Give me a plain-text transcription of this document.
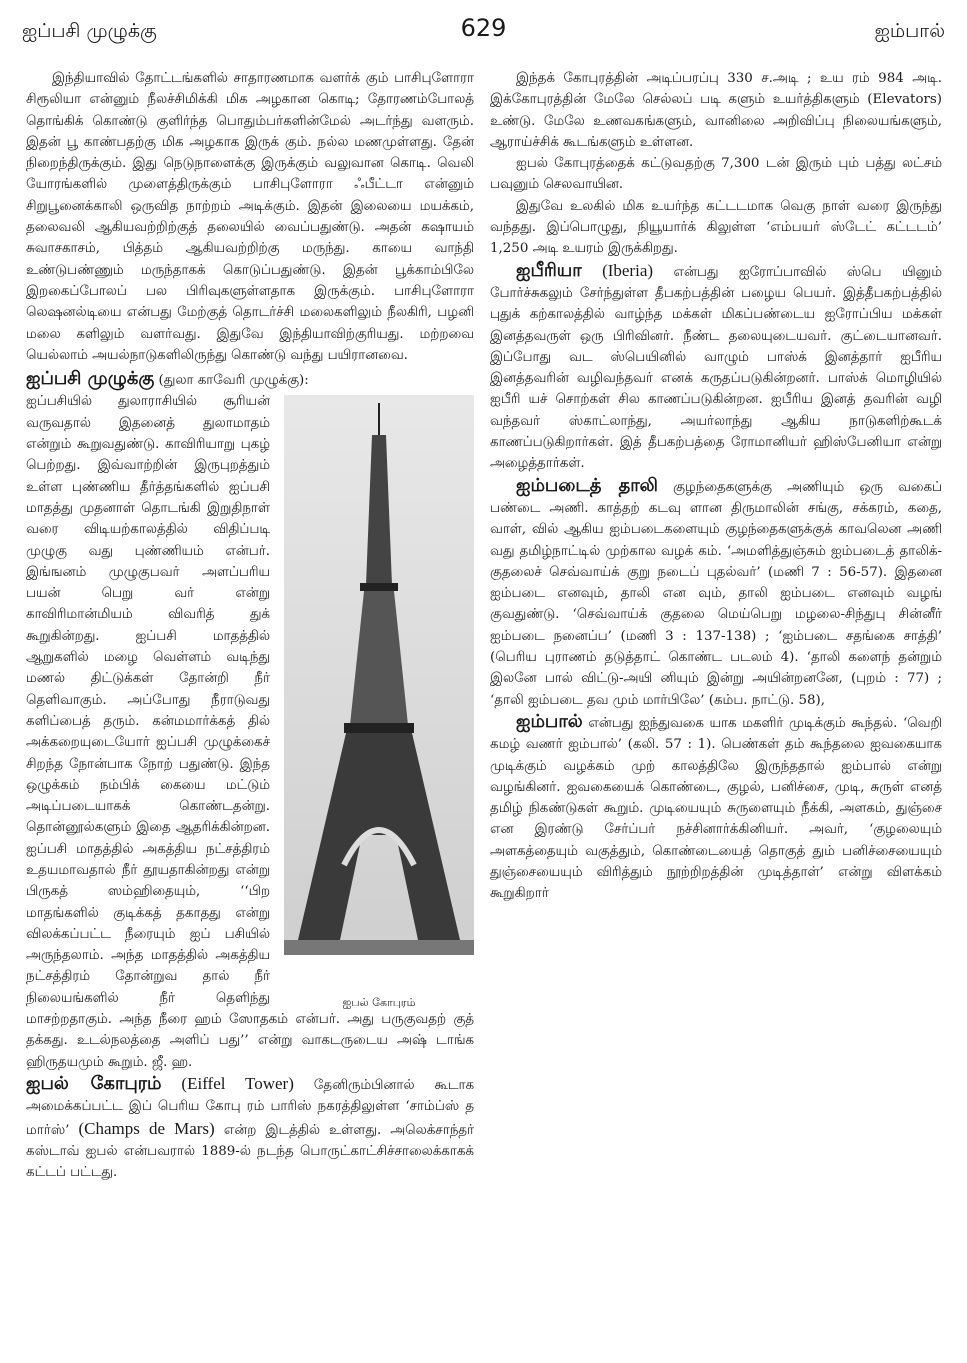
ஐப்பசி முழுக்கு	629	ஐம்பால்

இந்தியாவில் தோட்டங்களில் சாதாரணமாக வளர்க் கும் பாசிபுளோரா சிரூலியா என்னும் நீலச்சிமிக்கி மிக அழகான கொடி; தோரணம்போலத் தொங்கிக் கொண்டு குளிர்ந்த பொதும்பர்களின்மேல் அடர்ந்து வளரும். இதன் பூ காண்பதற்கு மிக அழகாக இருக் கும். நல்ல மணமுள்ளது. தேன் நிறைந்திருக்கும். இது நெடுநாளைக்கு இருக்கும் வலுவான கொடி. வெலி யோரங்களில் முளைத்திருக்கும் பாசிபுளோரா ஃபீட்டா என்னும் சிறுபூனைக்காலி ஒருவித நாற்றம் அடிக்கும். இதன் இலையை மயக்கம், தலைவலி ஆகியவற்றிற்குத் தலையில் வைப்பதுண்டு. அதன் கஷாயம் சுவாசகாசம், பித்தம் ஆகியவற்றிற்கு மருந்து. காயை வாந்தி உண்டுபண்ணும் மருந்தாகக் கொடுப்பதுண்டு. இதன் பூக்காம்பிலே இறகைப்போலப் பல பிரிவுகளுள்ளதாக இருக்கும். பாசிபுளோரா லெஷனல்டியை என்பது மேற்குத் தொடர்ச்சி மலைகளிலும் நீலகிரி, பழனி மலை களிலும் வளர்வது. இதுவே இந்தியாவிற்குரியது. மற்றவை யெல்லாம் அயல்நாடுகளிலிருந்து கொண்டு வந்து பயிரானவை.

ஐப்பசி முழுக்கு (துலா காவேரி முழுக்கு):

ஐபல் கோபுரம்

ஐப்பசியில் துலாராசியில் சூரியன் வருவதால் இதனைத் துலாமாதம் என்றும் கூறுவதுண்டு. காவிரியாறு புகழ் பெற்றது. இவ்வாற்றின் இருபுறத்தும் உள்ள புண்ணிய தீர்த்தங்களில் ஐப்பசி மாதத்து முதனாள் தொடங்கி இறுதிநாள் வரை விடியற்காலத்தில் விதிப்படி முழுகு வது புண்ணியம் என்பர். இங்ஙனம் முழுகுபவர் அளப்பரிய பயன் பெறு வர் என்று காவிரிமான்மியம் விவரித் துக் கூறுகின்றது. ஐப்பசி மாதத்தில் ஆறுகளில் மழை வெள்ளம் வடிந்து மணல் திட்டுக்கள் தோன்றி நீர் தெளிவாகும். அப்போது நீராடுவது களிப்பைத் தரும். கன்மமார்க்கத் தில் அக்கறையுடையோர் ஐப்பசி முழுக்கைச் சிறந்த நோன்பாக நோற் பதுண்டு. இந்த ஒழுக்கம் நம்பிக் கையை மட்டும் அடிப்படையாகக் கொண்டதன்று. தொன்னூல்களும் இதை ஆதரிக்கின்றன. ஐப்பசி மாதத்தில் அகத்திய நட்சத்திரம் உதயமாவதால் நீர் தூயதாகின்றது என்று பிருகத் ஸம்ஹிதையும், ‘‘பிற மாதங்களில் குடிக்கத் தகாதது என்று விலக்கப்பட்ட நீரையும் ஐப் பசியில் அருந்தலாம். அந்த மாதத்தில் அகத்திய நட்சத்திரம் தோன்றுவ தால் நீர் நிலையங்களில் நீர் தெளிந்து மாசற்றதாகும். அந்த நீரை ஹம் ஸோதகம் என்பர். அது பருகுவதற் குத் தக்கது. உடல்நலத்தை அளிப் பது’’ என்று வாகடருடைய அஷ் டாங்க ஹிருதயமும் கூறும். ஜீ. ஹ.

ஐபல் கோபுரம் (Eiffel Tower) தேனிரும்பினால் கூடாக அமைக்கப்பட்ட இப் பெரிய கோபு ரம் பாரிஸ் நகரத்திலுள்ள ‘சாம்ப்ஸ் த மார்ஸ்’ (Champs de Mars) என்ற இடத்தில் உள்ளது. அலெக்சாந்தர் கஸ்டாவ் ஐபல் என்பவரால் 1889-ல் நடந்த பொருட்காட்சிச்சாலைக்காகக் கட்டப் பட்டது.

இந்தக் கோபுரத்தின் அடிப்பரப்பு 330 ச.அடி ; உய ரம் 984 அடி. இக்கோபுரத்தின் மேலே செல்லப் படி களும் உயர்த்திகளும் (Elevators) உண்டு. மேலே உணவகங்களும், வானிலை அறிவிப்பு நிலையங்களும், ஆராய்ச்சிக் கூடங்களும் உள்ளன.

ஐபல் கோபுரத்தைக் கட்டுவதற்கு 7,300 டன் இரும் பும் பத்து லட்சம் பவுனும் செலவாயின.

இதுவே உலகில் மிக உயர்ந்த கட்டடமாக வெகு நாள் வரை இருந்து வந்தது. இப்பொழுது, நியூயார்க் கிலுள்ள ‘எம்பயர் ஸ்டேட் கட்டடம்’ 1,250 அடி உயரம் இருக்கிறது.

ஐபீரியா (Iberia) என்பது ஐரோப்பாவில் ஸ்பெ யினும் போர்ச்சுகலும் சேர்ந்துள்ள தீபகற்பத்தின் பழைய பெயர். இத்தீபகற்பத்தில் புதுக் கற்காலத்தில் வாழ்ந்த மக்கள் மிகப்பண்டைய ஐரோப்பிய மக்கள் இனத்தவருள் ஒரு பிரிவினர். நீண்ட தலையுடையவர். குட்டையானவர். இப்போது வட ஸ்பெயினில் வாழும் பாஸ்க் இனத்தார் ஐபீரிய இனத்தவரின் வழிவந்தவர் எனக் கருதப்படுகின்றனர். பாஸ்க் மொழியில் ஐபீரி யச் சொற்கள் சில காணப்படுகின்றன. ஐபீரிய இனத் தவரின் வழி வந்தவர் ஸ்காட்லாந்து, அயர்லாந்து ஆகிய நாடுகளிற்கூடக் காணப்படுகிறார்கள். இத் தீபகற்பத்தை ரோமானியர் ஹிஸ்பேனியா என்று அழைத்தார்கள்.

ஐம்படைத் தாலி குழந்தைகளுக்கு அணியும் ஒரு வகைப் பண்டை அணி. காத்தற் கடவு ளான திருமாலின் சங்கு, சக்கரம், கதை, வாள், வில் ஆகிய ஐம்படைகளையும் குழந்தைகளுக்குக் காவலென அணி வது தமிழ்நாட்டில் முற்கால வழக் கம். ‘அமளித்துஞ்சும் ஐம்படைத் தாலிக்-குதலைச் செவ்வாய்க் குறு நடைப் புதல்வர்’ (மணி 7 : 56-57). இதனை ஐம்படை எனவும், தாலி என வும், தாலி ஐம்படை எனவும் வழங் குவதுண்டு. ‘செவ்வாய்க் குதலை மெய்பெறு மழலை-சிந்துபு சின்னீர் ஐம்படை நனைப்ப’ (மணி 3 : 137-138) ; ‘ஐம்படை சதங்கை சாத்தி’ (பெரிய புராணம் தடுத்தாட் கொண்ட படலம் 4). ‘தாலி களைந் தன்றும் இலனே பால் விட்டு-அயி னியும் இன்று அயின்றனனே, (புறம் : 77) ; ‘தாலி ஐம்படை தவ மும் மார்பிலே’ (கம்ப. நாட்டு. 58),

ஐம்பால் என்பது ஐந்துவகை யாக மகளிர் முடிக்கும் கூந்தல். ‘வெறி கமழ் வணர் ஐம்பால்’ (கலி. 57 : 1). பெண்கள் தம் கூந்தலை ஐவகையாக முடிக்கும் வழக்கம் முற் காலத்திலே இருந்ததால் ஐம்பால் என்று வழங்கினர். ஐவகையைக் கொண்டை, குழல், பனிச்சை, முடி, சுருள் எனத் தமிழ் நிகண்டுகள் கூறும். முடியையும் சுருளையும் நீக்கி, அளகம், துஞ்சை என இரண்டு சேர்ப்பர் நச்சினார்க்கினியர். அவர், ‘குழலையும் அளகத்தையும் வகுத்தும், கொண்டையைத் தொகுத் தும் பனிச்சையையும் துஞ்சையையும் விரித்தும் நூற்றிறத்தின் முடித்தாள்’ என்று விளக்கம் கூறுகிறார்
